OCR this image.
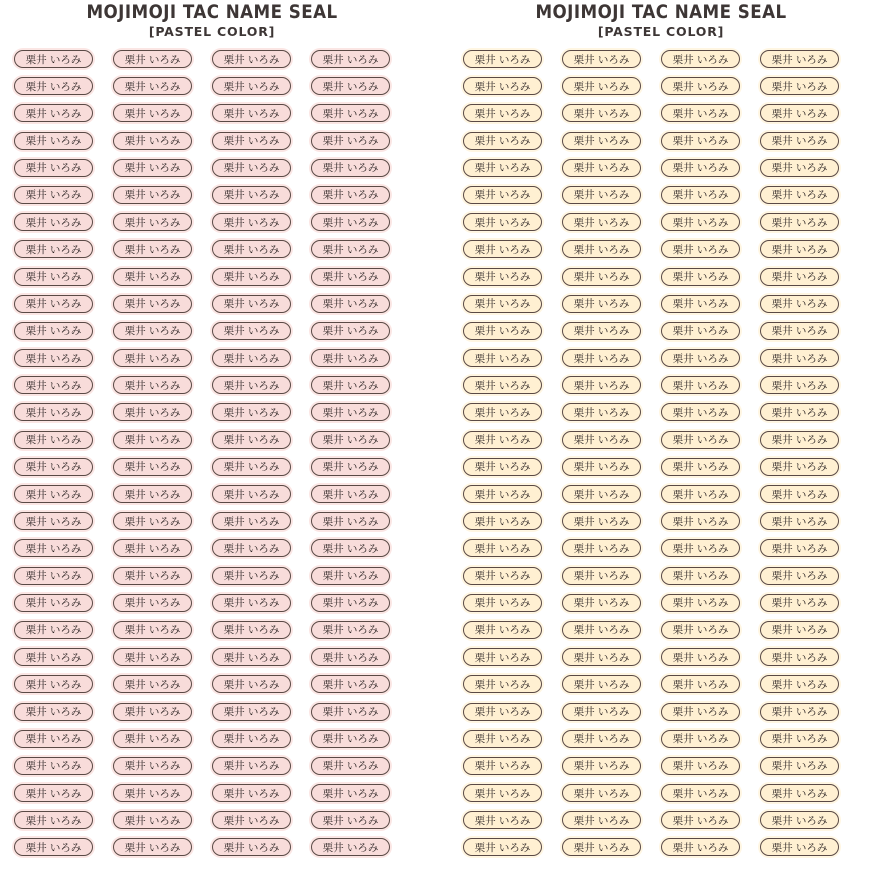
MOJIMOJI TAC NAME SEAL
[PASTEL COLOR]
栗井 いろみ	栗井 いろみ	栗井 いろみ	栗井 いろみ
栗井 いろみ	栗井 いろみ	栗井 いろみ	栗井 いろみ
栗井 いろみ	栗井 いろみ	栗井 いろみ	栗井 いろみ
栗井 いろみ	栗井 いろみ	栗井 いろみ	栗井 いろみ
栗井 いろみ	栗井 いろみ	栗井 いろみ	栗井 いろみ
栗井 いろみ	栗井 いろみ	栗井 いろみ	栗井 いろみ
栗井 いろみ	栗井 いろみ	栗井 いろみ	栗井 いろみ
栗井 いろみ	栗井 いろみ	栗井 いろみ	栗井 いろみ
栗井 いろみ	栗井 いろみ	栗井 いろみ	栗井 いろみ
栗井 いろみ	栗井 いろみ	栗井 いろみ	栗井 いろみ
栗井 いろみ	栗井 いろみ	栗井 いろみ	栗井 いろみ
栗井 いろみ	栗井 いろみ	栗井 いろみ	栗井 いろみ
栗井 いろみ	栗井 いろみ	栗井 いろみ	栗井 いろみ
栗井 いろみ	栗井 いろみ	栗井 いろみ	栗井 いろみ
栗井 いろみ	栗井 いろみ	栗井 いろみ	栗井 いろみ
栗井 いろみ	栗井 いろみ	栗井 いろみ	栗井 いろみ
栗井 いろみ	栗井 いろみ	栗井 いろみ	栗井 いろみ
栗井 いろみ	栗井 いろみ	栗井 いろみ	栗井 いろみ
栗井 いろみ	栗井 いろみ	栗井 いろみ	栗井 いろみ
栗井 いろみ	栗井 いろみ	栗井 いろみ	栗井 いろみ
栗井 いろみ	栗井 いろみ	栗井 いろみ	栗井 いろみ
栗井 いろみ	栗井 いろみ	栗井 いろみ	栗井 いろみ
栗井 いろみ	栗井 いろみ	栗井 いろみ	栗井 いろみ
栗井 いろみ	栗井 いろみ	栗井 いろみ	栗井 いろみ
栗井 いろみ	栗井 いろみ	栗井 いろみ	栗井 いろみ
栗井 いろみ	栗井 いろみ	栗井 いろみ	栗井 いろみ
栗井 いろみ	栗井 いろみ	栗井 いろみ	栗井 いろみ
栗井 いろみ	栗井 いろみ	栗井 いろみ	栗井 いろみ
栗井 いろみ	栗井 いろみ	栗井 いろみ	栗井 いろみ
栗井 いろみ	栗井 いろみ	栗井 いろみ	栗井 いろみ
MOJIMOJI TAC NAME SEAL
[PASTEL COLOR]
栗井 いろみ	栗井 いろみ	栗井 いろみ	栗井 いろみ
栗井 いろみ	栗井 いろみ	栗井 いろみ	栗井 いろみ
栗井 いろみ	栗井 いろみ	栗井 いろみ	栗井 いろみ
栗井 いろみ	栗井 いろみ	栗井 いろみ	栗井 いろみ
栗井 いろみ	栗井 いろみ	栗井 いろみ	栗井 いろみ
栗井 いろみ	栗井 いろみ	栗井 いろみ	栗井 いろみ
栗井 いろみ	栗井 いろみ	栗井 いろみ	栗井 いろみ
栗井 いろみ	栗井 いろみ	栗井 いろみ	栗井 いろみ
栗井 いろみ	栗井 いろみ	栗井 いろみ	栗井 いろみ
栗井 いろみ	栗井 いろみ	栗井 いろみ	栗井 いろみ
栗井 いろみ	栗井 いろみ	栗井 いろみ	栗井 いろみ
栗井 いろみ	栗井 いろみ	栗井 いろみ	栗井 いろみ
栗井 いろみ	栗井 いろみ	栗井 いろみ	栗井 いろみ
栗井 いろみ	栗井 いろみ	栗井 いろみ	栗井 いろみ
栗井 いろみ	栗井 いろみ	栗井 いろみ	栗井 いろみ
栗井 いろみ	栗井 いろみ	栗井 いろみ	栗井 いろみ
栗井 いろみ	栗井 いろみ	栗井 いろみ	栗井 いろみ
栗井 いろみ	栗井 いろみ	栗井 いろみ	栗井 いろみ
栗井 いろみ	栗井 いろみ	栗井 いろみ	栗井 いろみ
栗井 いろみ	栗井 いろみ	栗井 いろみ	栗井 いろみ
栗井 いろみ	栗井 いろみ	栗井 いろみ	栗井 いろみ
栗井 いろみ	栗井 いろみ	栗井 いろみ	栗井 いろみ
栗井 いろみ	栗井 いろみ	栗井 いろみ	栗井 いろみ
栗井 いろみ	栗井 いろみ	栗井 いろみ	栗井 いろみ
栗井 いろみ	栗井 いろみ	栗井 いろみ	栗井 いろみ
栗井 いろみ	栗井 いろみ	栗井 いろみ	栗井 いろみ
栗井 いろみ	栗井 いろみ	栗井 いろみ	栗井 いろみ
栗井 いろみ	栗井 いろみ	栗井 いろみ	栗井 いろみ
栗井 いろみ	栗井 いろみ	栗井 いろみ	栗井 いろみ
栗井 いろみ	栗井 いろみ	栗井 いろみ	栗井 いろみ
